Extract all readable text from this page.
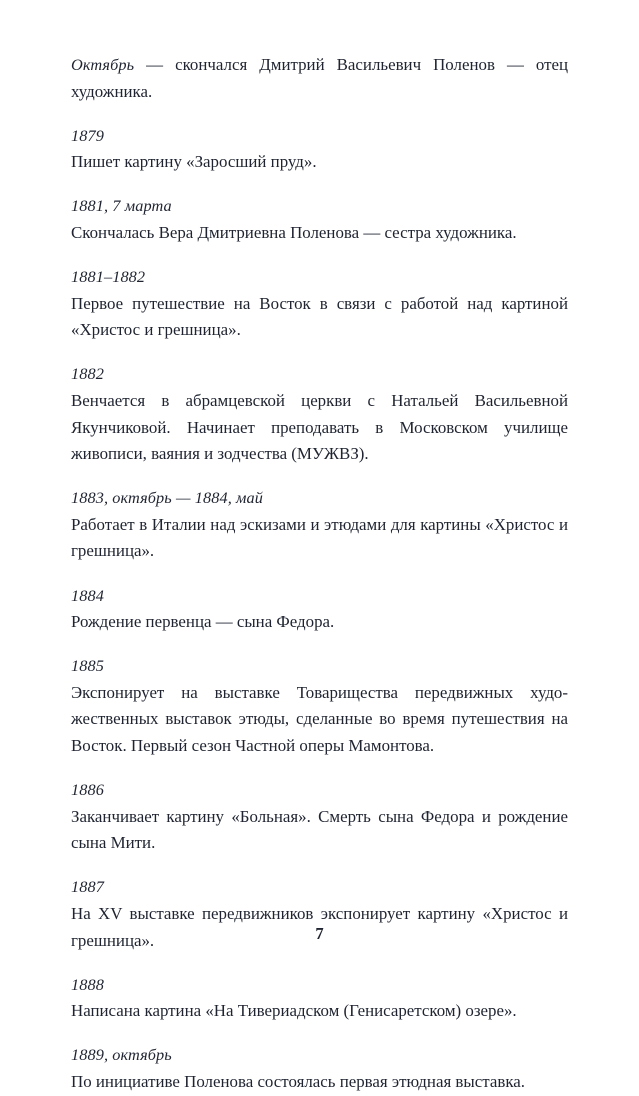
Октябрь — скончался Дмитрий Васильевич Поленов — отец художника.
1879
Пишет картину «Заросший пруд».
1881, 7 марта
Скончалась Вера Дмитриевна Поленова — сестра художника.
1881–1882
Первое путешествие на Восток в связи с работой над картиной «Христос и грешница».
1882
Венчается в абрамцевской церкви с Натальей Васильевной Якунчиковой. Начинает преподавать в Московском училище живописи, ваяния и зодчества (МУЖВЗ).
1883, октябрь — 1884, май
Работает в Италии над эскизами и этюдами для картины «Христос и грешница».
1884
Рождение первенца — сына Федора.
1885
Экспонирует на выставке Товарищества передвижных художественных выставок этюды, сделанные во время путешествия на Восток. Первый сезон Частной оперы Мамонтова.
1886
Заканчивает картину «Больная». Смерть сына Федора и рождение сына Мити.
1887
На XV выставке передвижников экспонирует картину «Христос и грешница».
1888
Написана картина «На Тивериадском (Генисаретском) озере».
1889, октябрь
По инициативе Поленова состоялась первая этюдная выставка.
7
